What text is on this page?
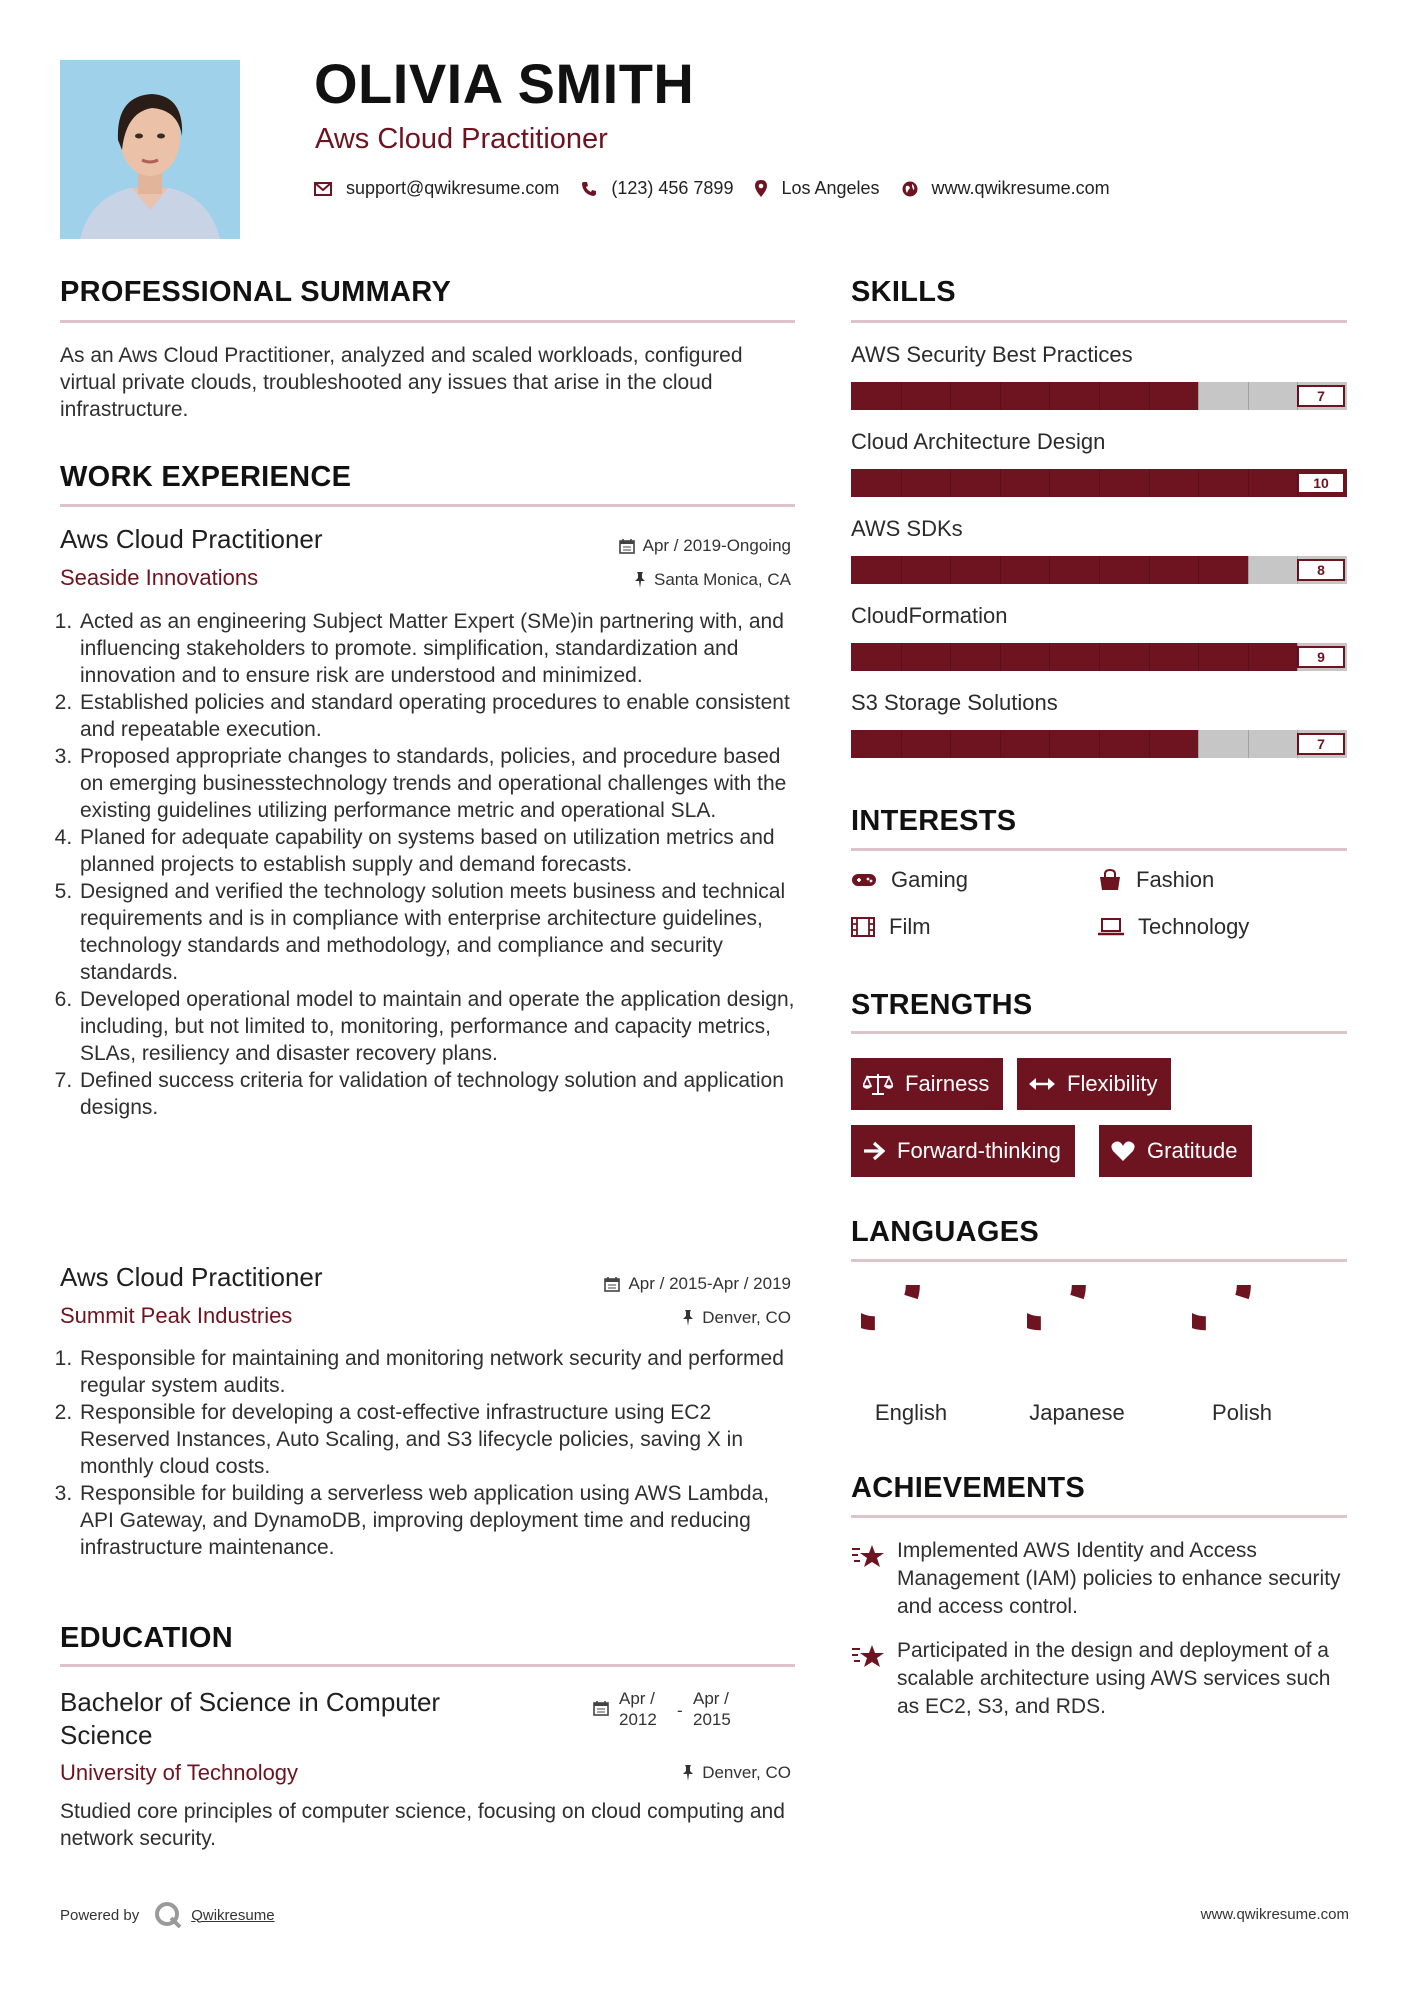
OLIVIA SMITH
Aws Cloud Practitioner
support@qwikresume.com	(123) 456 7899	Los Angeles	www.qwikresume.com
PROFESSIONAL SUMMARY
As an Aws Cloud Practitioner, analyzed and scaled workloads, configured virtual private clouds, troubleshooted any issues that arise in the cloud infrastructure.
WORK EXPERIENCE
Aws Cloud Practitioner	Apr / 2019-Ongoing
Seaside Innovations	Santa Monica, CA
1. Acted as an engineering Subject Matter Expert (SMe)in partnering with, and influencing stakeholders to promote. simplification, standardization and innovation and to ensure risk are understood and minimized.
2. Established policies and standard operating procedures to enable consistent and repeatable execution.
3. Proposed appropriate changes to standards, policies, and procedure based on emerging businesstechnology trends and operational challenges with the existing guidelines utilizing performance metric and operational SLA.
4. Planed for adequate capability on systems based on utilization metrics and planned projects to establish supply and demand forecasts.
5. Designed and verified the technology solution meets business and technical requirements and is in compliance with enterprise architecture guidelines, technology standards and methodology, and compliance and security standards.
6. Developed operational model to maintain and operate the application design, including, but not limited to, monitoring, performance and capacity metrics, SLAs, resiliency and disaster recovery plans.
7. Defined success criteria for validation of technology solution and application designs.
Aws Cloud Practitioner	Apr / 2015-Apr / 2019
Summit Peak Industries	Denver, CO
1. Responsible for maintaining and monitoring network security and performed regular system audits.
2. Responsible for developing a cost-effective infrastructure using EC2 Reserved Instances, Auto Scaling, and S3 lifecycle policies, saving X in monthly cloud costs.
3. Responsible for building a serverless web application using AWS Lambda, API Gateway, and DynamoDB, improving deployment time and reducing infrastructure maintenance.
EDUCATION
Bachelor of Science in Computer Science
Apr /
2012	-
Apr /
2015
University of Technology	Denver, CO
Studied core principles of computer science, focusing on cloud computing and network security.
SKILLS
AWS Security Best Practices
7
Cloud Architecture Design
10
AWS SDKs
8
CloudFormation
9
S3 Storage Solutions
7
INTERESTS
Gaming	Fashion
Film	Technology
STRENGTHS
Fairness	Flexibility
Forward-thinking	Gratitude
LANGUAGES
English	Japanese	Polish
ACHIEVEMENTS
Implemented AWS Identity and Access Management (IAM) policies to enhance security and access control.
Participated in the design and deployment of a scalable architecture using AWS services such as EC2, S3, and RDS.
Powered by	Qwikresume	www.qwikresume.com
